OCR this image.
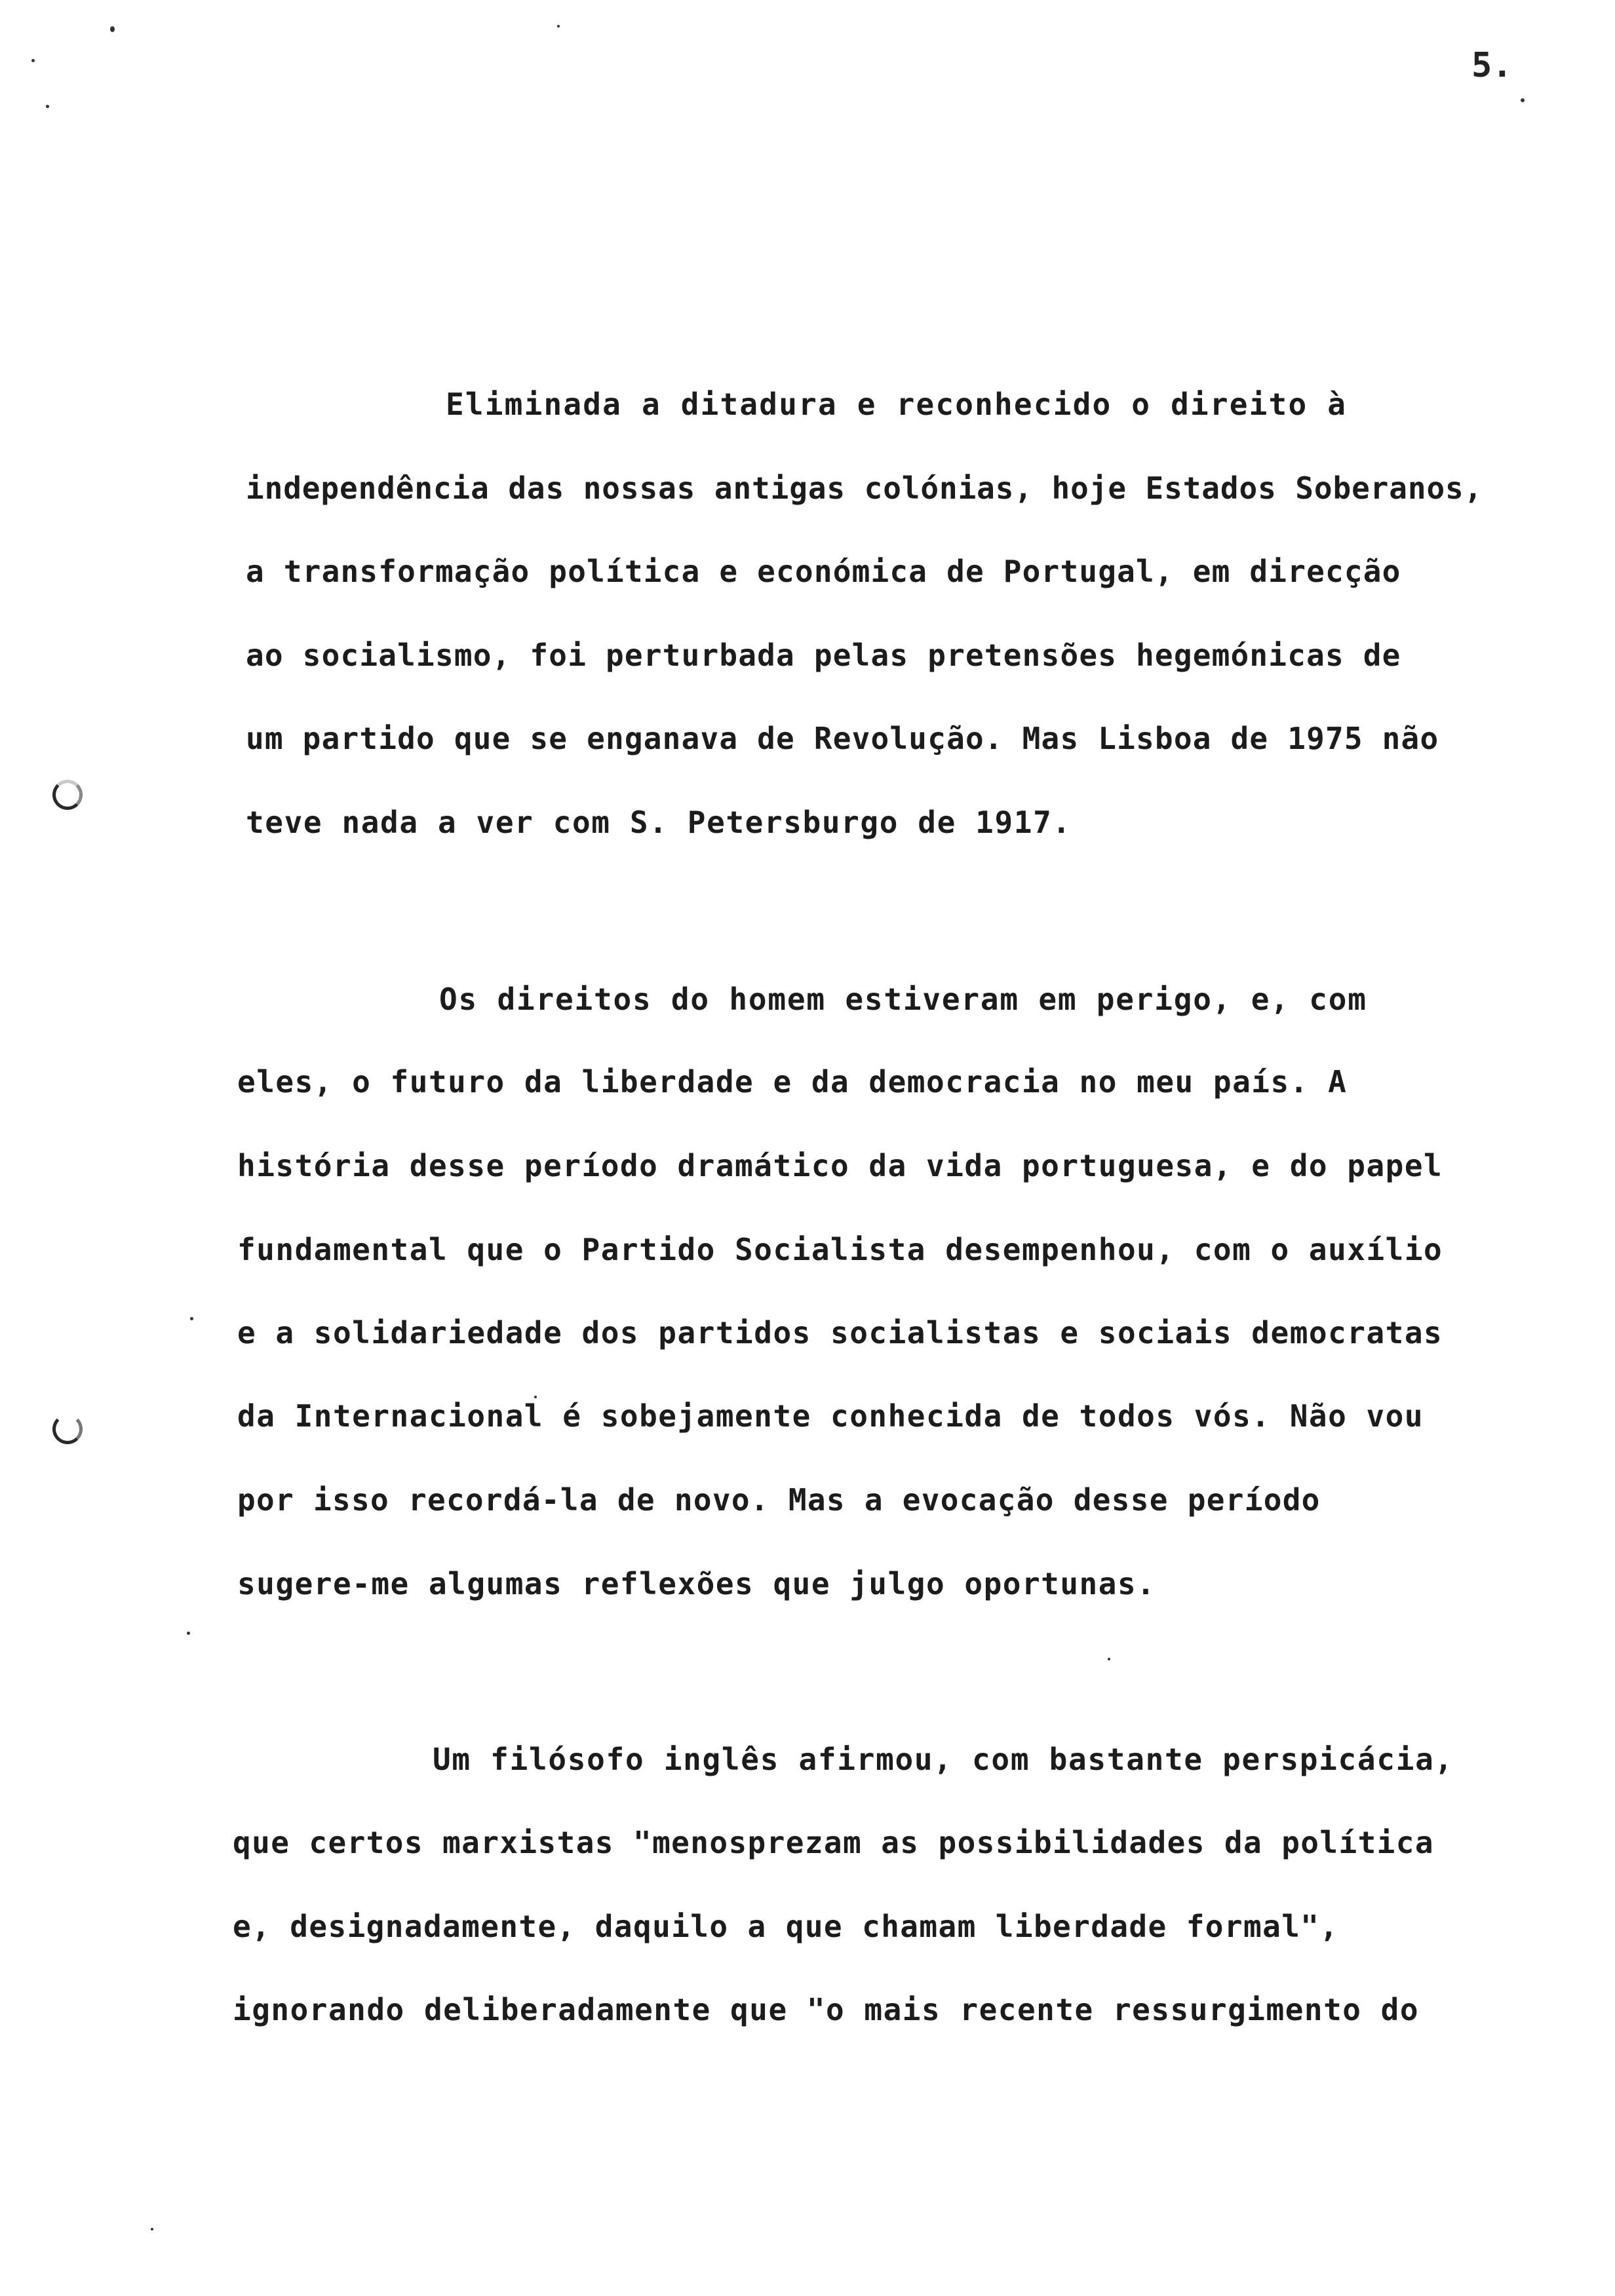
5.
Eliminada a ditadura e reconhecido o direito à
independência das nossas antigas colónias, hoje Estados Soberanos,
a transformação política e económica de Portugal, em direcção
ao socialismo, foi perturbada pelas pretensões hegemónicas de
um partido que se enganava de Revolução. Mas Lisboa de 1975 não
teve nada a ver com S. Petersburgo de 1917.
Os direitos do homem estiveram em perigo, e, com
eles, o futuro da liberdade e da democracia no meu país. A
história desse período dramático da vida portuguesa, e do papel
fundamental que o Partido Socialista desempenhou, com o auxílio
e a solidariedade dos partidos socialistas e sociais democratas
da Internacional é sobejamente conhecida de todos vós. Não vou
por isso recordá-la de novo. Mas a evocação desse período
sugere-me algumas reflexões que julgo oportunas.
Um filósofo inglês afirmou, com bastante perspicácia,
que certos marxistas "menosprezam as possibilidades da política
e, designadamente, daquilo a que chamam liberdade formal",
ignorando deliberadamente que "o mais recente ressurgimento do
